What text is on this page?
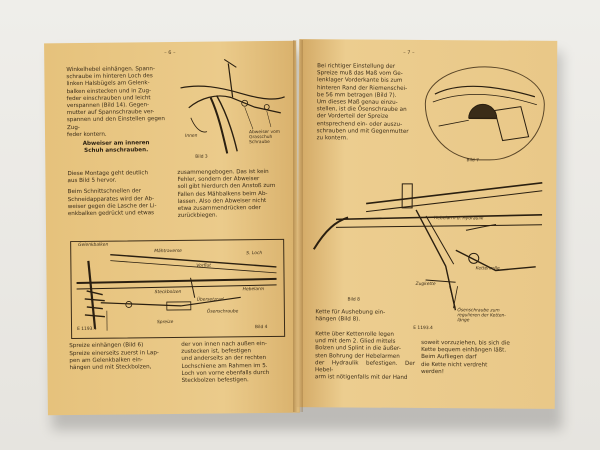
– 6 –
Winkelhebel einhängen. Spann-
schraube im hinteren Loch des
linken Halsbügels am Gelenk-
balken einstecken und in Zug-
feder einschrauben und leicht
verspannen (Bild 14). Gegen-
mutter auf Spannschraube ver-
spannen und den Einstellen gegen Zug-
feder kontern.
Abweiser am inneren
Schuh anschrauben.
Innen
Abweiser vom Grasschuh
Schraube
Bild 3
Diese Montage geht deutlich
aus Bild 5 hervor.
Beim Schnittschnellen der
Schneidapparates wird der Ab-
weiser gegen die Lasche der Li-
enkbalken gedrückt und etwas
zusammengebogen. Das ist kein
Fehler, sondern der Abweiser
soll gibt hierdurch den Anstoß zum
Fallen des Mähbalkens beim Ab-
lassen. Also den Abweiser nicht
etwa zusammendrücken oder
zurückbiegen.
Gelenkbalken
Mähtraverse
Vorflut
S. Loch
Steckbolzen
Hebelarm
Übersetzrad
Spreize
Ösenschraube
Bild 4
E 1193.4
Spreize einhängen (Bild 6)
Spreize einerseits zuerst in Lap-
pen am Gelenkbalken ein-
hängen und mit Steckbolzen,
der von innen nach außen ein-
zustecken ist, befestigen
und anderseits an der rechten
Lochschiene am Rahmen im 5.
Loch von vorne ebenfalls durch
Steckbolzen befestigen.
– 7 –
Bei richtiger Einstellung der
Spreize muß das Maß vom Ge-
lenklager Vorderkante bis zum
hinteren Rand der Riemenschei-
be 56 mm betragen (Bild 7).
Um dieses Maß genau einzu-
stellen, ist die Ösenschraube an
der Vorderteil der Spreize
entsprechend ein- oder auszu-
schrauben und mit Gegenmutter
zu kontern.
Bild 7
Hebelarm d. Hydraulik
Kettenrolle
Zugkette
Ösenschraube zum
regulieren der Ketten-
länge
Bild 8
E 1193.4
Kette für Aushebung ein-
hängen (Bild 8).
Kette über Kettenrolle legen
und mit dem 2. Glied mittels
Bolzen und Splint in die äußer-
sten Bohrung der Hebelarmen
der Hydraulik befestigen. Der Hebel-
arm ist nötigenfalls mit der Hand
soweit vorzuziehen, bis sich die
Kette bequem einhängen läßt.
Beim Aufliegen darf
die Kette nicht verdreht
werden!
